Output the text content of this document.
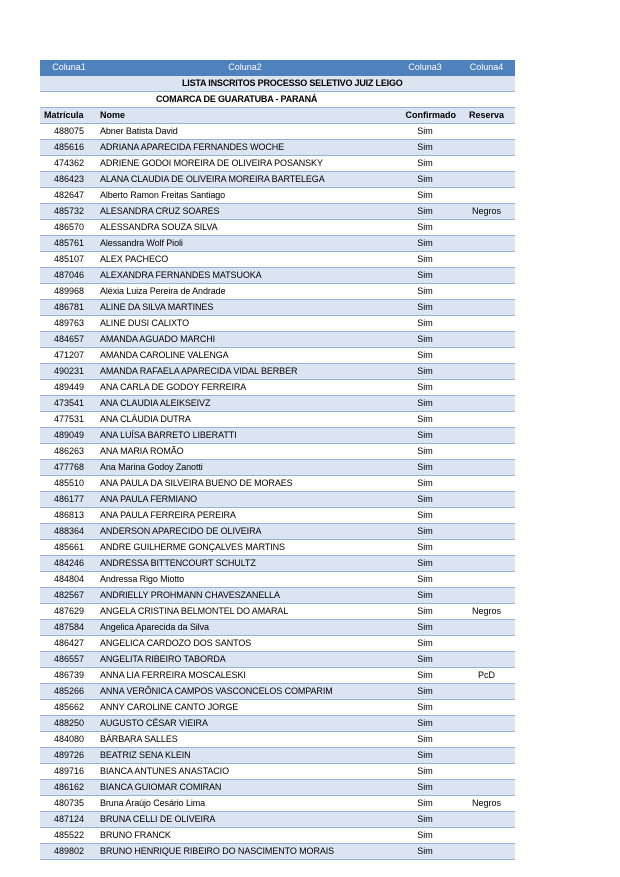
Coluna1	Coluna2	Coluna3	Coluna4
	LISTA INSCRITOS PROCESSO SELETIVO JUIZ LEIGO		
	COMARCA DE GUARATUBA - PARANÁ		
Matrícula	Nome	Confirmado	Reserva
488075	Abner Batista David	Sim	
485616	ADRIANA APARECIDA FERNANDES WOCHE	Sim	
474362	ADRIENE GODOI MOREIRA DE OLIVEIRA POSANSKY	Sim	
486423	ALANA CLAUDIA DE OLIVEIRA MOREIRA BARTELEGA	Sim	
482647	Alberto Ramon Freitas Santiago	Sim	
485732	ALESANDRA CRUZ SOARES	Sim	Negros
486570	ALESSANDRA SOUZA SILVA	Sim	
485761	Alessandra Wolf Pioli	Sim	
485107	ALEX PACHECO	Sim	
487046	ALEXANDRA FERNANDES MATSUOKA	Sim	
489968	Aléxia Luiza Pereira de Andrade	Sim	
486781	ALINE DA SILVA MARTINES	Sim	
489763	ALINE DUSI CALIXTO	Sim	
484657	AMANDA AGUADO MARCHI	Sim	
471207	AMANDA CAROLINE VALENGA	Sim	
490231	AMANDA RAFAELA APARECIDA VIDAL BERBER	Sim	
489449	ANA CARLA DE GODOY FERREIRA	Sim	
473541	ANA CLAUDIA ALEIKSEIVZ	Sim	
477531	ANA CLÁUDIA DUTRA	Sim	
489049	ANA LUÍSA BARRETO LIBERATTI	Sim	
486263	ANA MARIA ROMÃO	Sim	
477768	Ana Marina Godoy Zanotti	Sim	
485510	ANA PAULA DA SILVEIRA BUENO DE MORAES	Sim	
486177	ANA PAULA FERMIANO	Sim	
486813	ANA PAULA FERREIRA PEREIRA	Sim	
488364	ANDERSON APARECIDO DE OLIVEIRA	Sim	
485661	ANDRE GUILHERME GONÇALVES MARTINS	Sim	
484246	ANDRESSA BITTENCOURT SCHULTZ	Sim	
484804	Andressa Rigo Miotto	Sim	
482567	ANDRIELLY PROHMANN CHAVESZANELLA	Sim	
487629	ANGELA CRISTINA BELMONTEL DO AMARAL	Sim	Negros
487584	Angelica Aparecida da Silva	Sim	
486427	ANGELICA CARDOZO DOS SANTOS	Sim	
486557	ANGELITA RIBEIRO TABORDA	Sim	
486739	ANNA LIA FERREIRA MOSCALESKI	Sim	PcD
485266	ANNA VERÔNICA CAMPOS VASCONCELOS COMPARIM	Sim	
485662	ANNY CAROLINE CANTO JORGE	Sim	
488250	AUGUSTO CÉSAR VIEIRA	Sim	
484080	BÁRBARA SALLES	Sim	
489726	BEATRIZ SENA KLEIN	Sim	
489716	BIANCA ANTUNES ANASTACIO	Sim	
486162	BIANCA GUIOMAR COMIRAN	Sim	
480735	Bruna Araújo Cesário Lima	Sim	Negros
487124	BRUNA CELLI DE OLIVEIRA	Sim	
485522	BRUNO FRANCK	Sim	
489802	BRUNO HENRIQUE RIBEIRO DO NASCIMENTO MORAIS	Sim	
